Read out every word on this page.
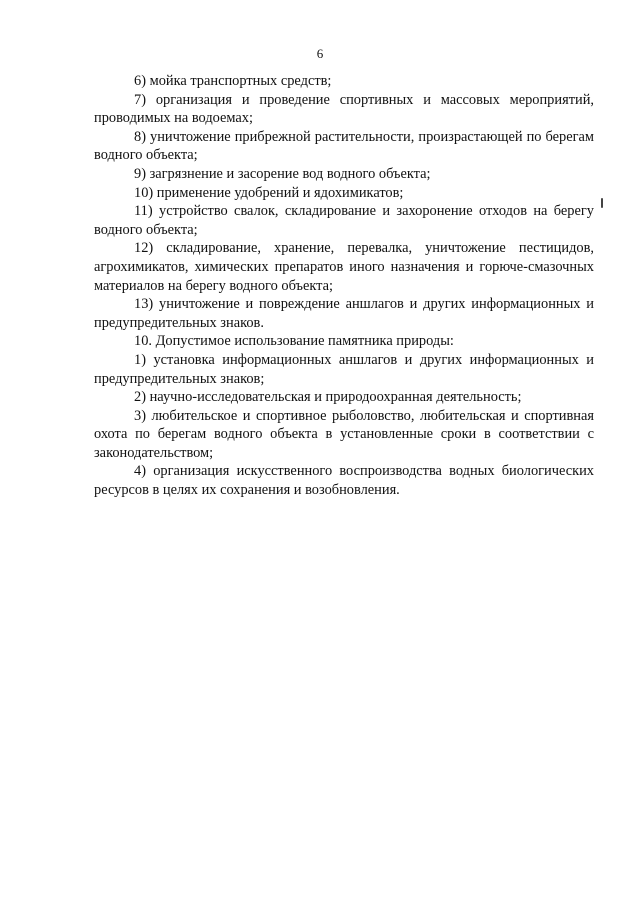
6

6) мойка транспортных средств;

7) организация и проведение спортивных и массовых мероприятий, проводимых на водоемах;

8) уничтожение прибрежной растительности, произрастающей по берегам водного объекта;

9) загрязнение и засорение вод водного объекта;

10) применение удобрений и ядохимикатов;

11) устройство свалок, складирование и захоронение отходов на берегу водного объекта;

12) складирование, хранение, перевалка, уничтожение пестицидов, агрохимикатов, химических препаратов иного назначения и горюче-смазочных материалов на берегу водного объекта;

13) уничтожение и повреждение аншлагов и других информационных и предупредительных знаков.

10. Допустимое использование памятника природы:

1) установка информационных аншлагов и других информационных и предупредительных знаков;

2) научно-исследовательская и природоохранная деятельность;

3) любительское и спортивное рыболовство, любительская и спортивная охота по берегам водного объекта в установленные сроки в соответствии с законодательством;

4) организация искусственного воспроизводства водных биологических ресурсов в целях их сохранения и возобновления.
